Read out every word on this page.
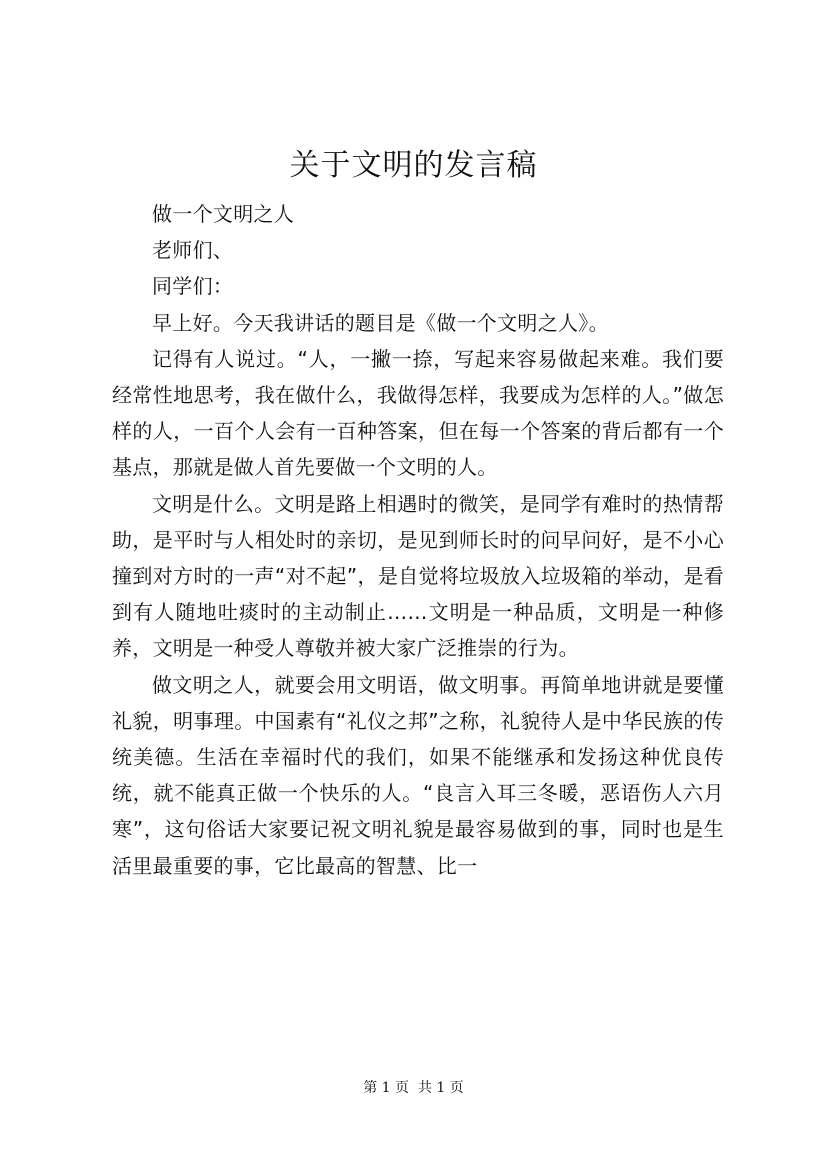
关于文明的发言稿

做一个文明之人

老师们、

同学们：

早上好。今天我讲话的题目是《做一个文明之人》。

记得有人说过。“人，一撇一捺，写起来容易做起来难。我们要经常性地思考，我在做什么，我做得怎样，我要成为怎样的人。”做怎样的人，一百个人会有一百种答案，但在每一个答案的背后都有一个基点，那就是做人首先要做一个文明的人。

文明是什么。文明是路上相遇时的微笑，是同学有难时的热情帮助，是平时与人相处时的亲切，是见到师长时的问早问好，是不小心撞到对方时的一声“对不起”，是自觉将垃圾放入垃圾箱的举动，是看到有人随地吐痰时的主动制止……文明是一种品质，文明是一种修养，文明是一种受人尊敬并被大家广泛推崇的行为。

做文明之人，就要会用文明语，做文明事。再简单地讲就是要懂礼貌，明事理。中国素有“礼仪之邦”之称，礼貌待人是中华民族的传统美德。生活在幸福时代的我们，如果不能继承和发扬这种优良传统，就不能真正做一个快乐的人。“良言入耳三冬暖，恶语伤人六月寒”，这句俗话大家要记祝文明礼貌是最容易做到的事，同时也是生活里最重要的事，它比最高的智慧、比一

第 1 页  共 1 页
